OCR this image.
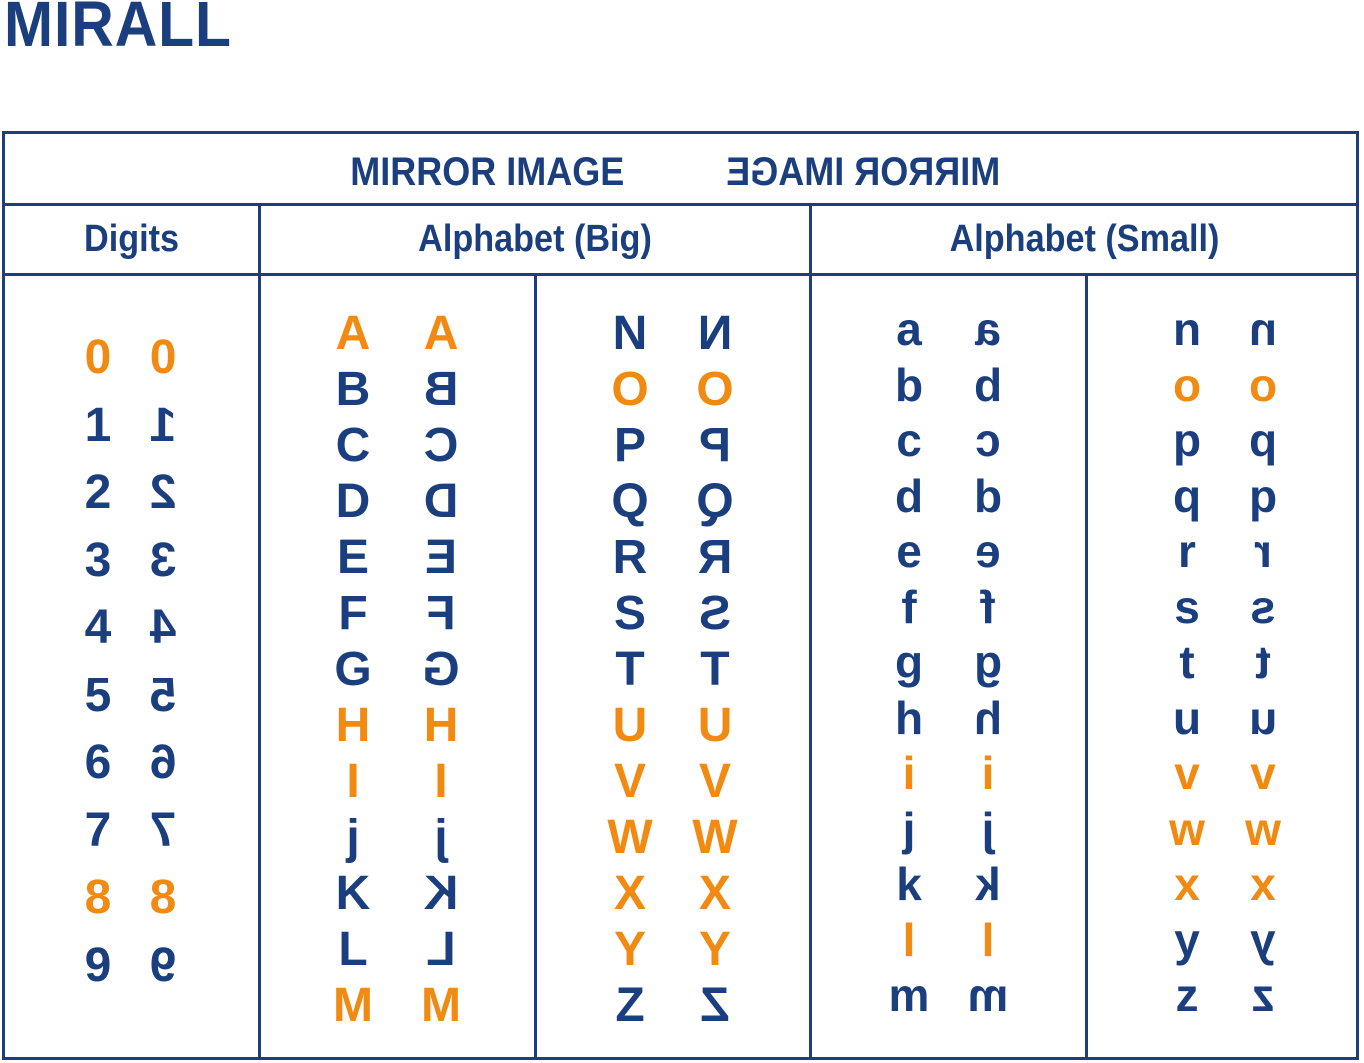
MIRALL
MIRROR IMAGE	MIRROR IMAGE
Digits	Alphabet (Big)	Alphabet (Small)
0 0
1 1
2 2
3 3
4 4
5 5
6 6
7 7
8 8
9 9
A	A
B	B
C	C
D	D
E	E
F	F
G	G
H	H
I	I
j	j
K	K
L	L
M	M
N	N
O O
P	P
Q Q
R	R
S	S
T	T
U	U
V	V
W W
X	X
Y	Y
Z	Z
a	a
b	b
c	c
d	d
e	e
f	f
g	g
h	h
i	i
j	j
k	k
l	l
m m
n	n
o	o
p	p
q	q
r	r
s	s
t	t
u	u
v	v
w w
x	x
y	y
z	z
